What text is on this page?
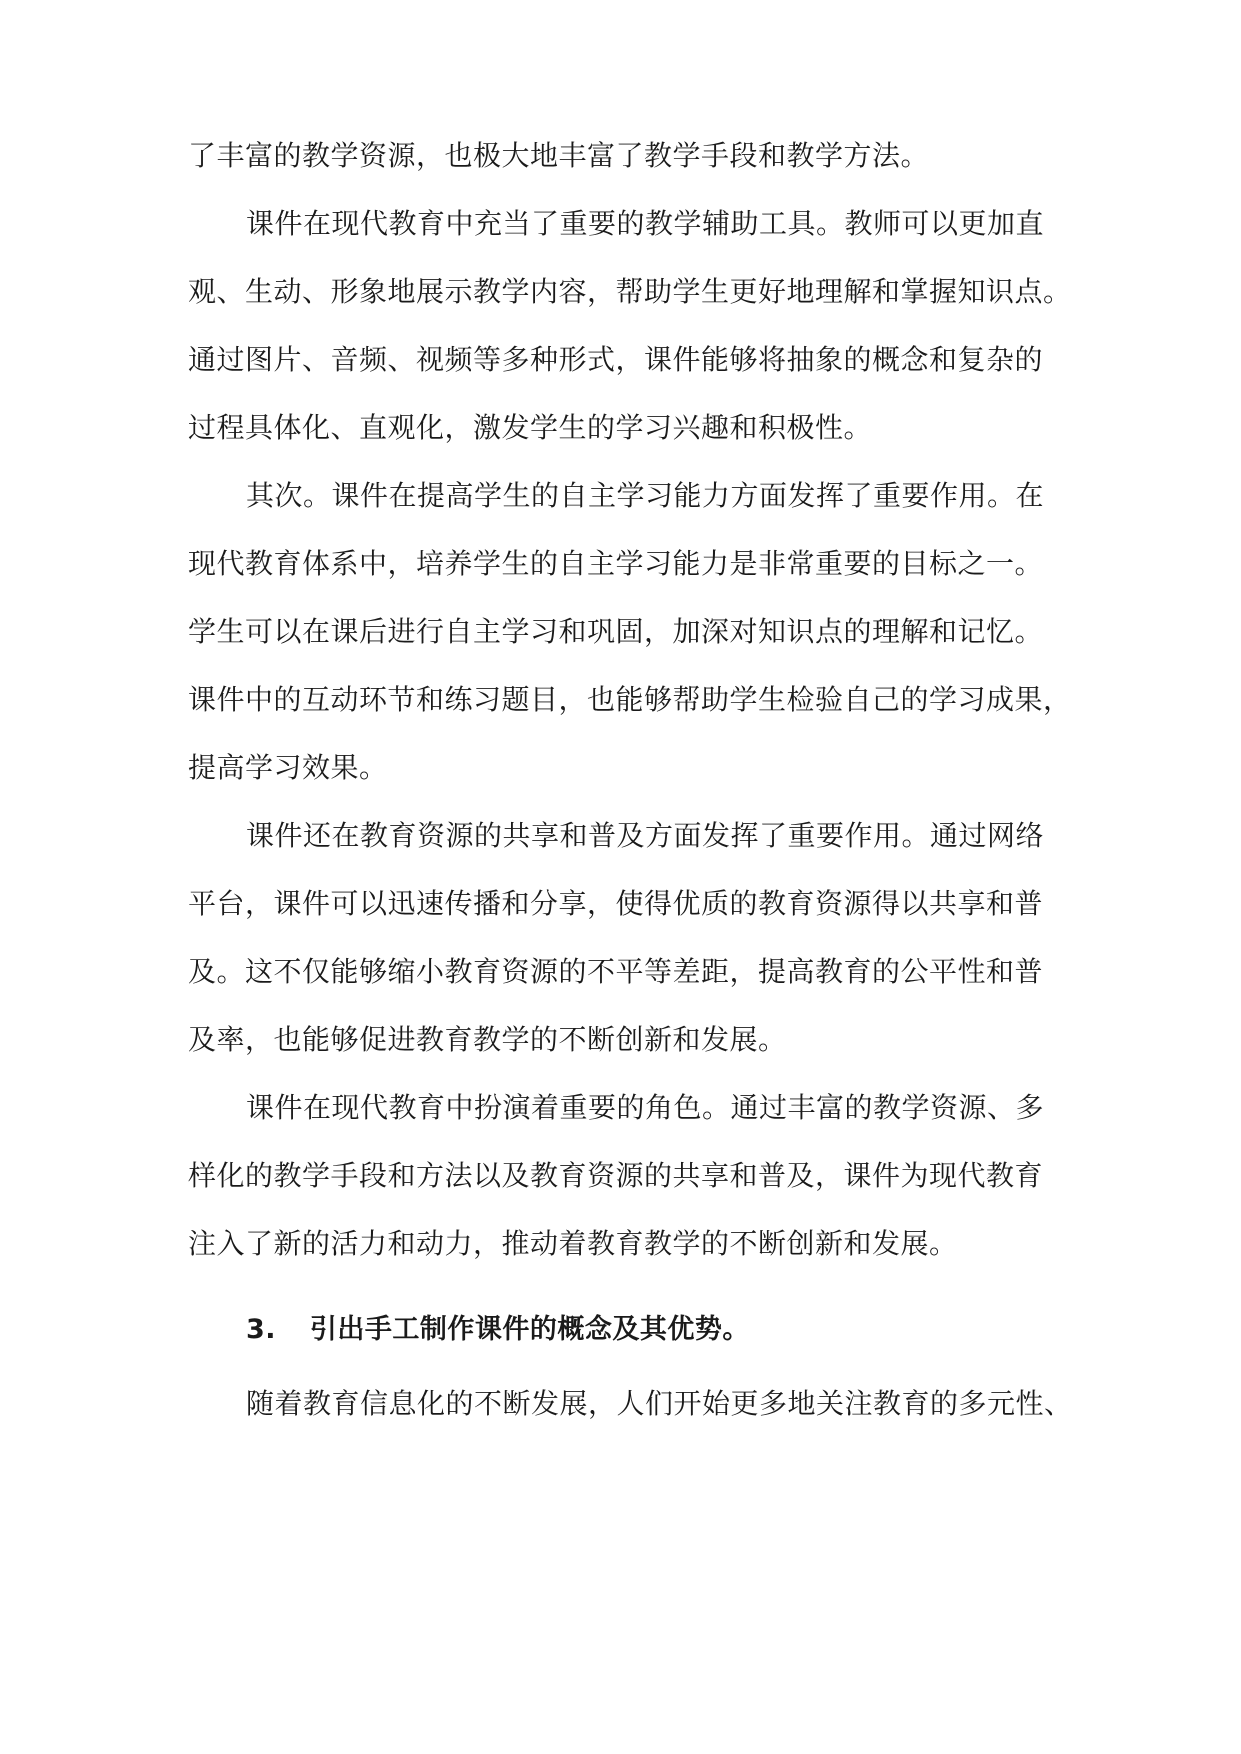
了丰富的教学资源，也极大地丰富了教学手段和教学方法。
课件在现代教育中充当了重要的教学辅助工具。教师可以更加直
观、生动、形象地展示教学内容，帮助学生更好地理解和掌握知识点。
通过图片、音频、视频等多种形式，课件能够将抽象的概念和复杂的
过程具体化、直观化，激发学生的学习兴趣和积极性。
其次。课件在提高学生的自主学习能力方面发挥了重要作用。在
现代教育体系中，培养学生的自主学习能力是非常重要的目标之一。
学生可以在课后进行自主学习和巩固，加深对知识点的理解和记忆。
课件中的互动环节和练习题目，也能够帮助学生检验自己的学习成果，
提高学习效果。
课件还在教育资源的共享和普及方面发挥了重要作用。通过网络
平台，课件可以迅速传播和分享，使得优质的教育资源得以共享和普
及。这不仅能够缩小教育资源的不平等差距，提高教育的公平性和普
及率，也能够促进教育教学的不断创新和发展。
课件在现代教育中扮演着重要的角色。通过丰富的教学资源、多
样化的教学手段和方法以及教育资源的共享和普及，课件为现代教育
注入了新的活力和动力，推动着教育教学的不断创新和发展。
3. 引出手工制作课件的概念及其优势。
随着教育信息化的不断发展，人们开始更多地关注教育的多元性、
